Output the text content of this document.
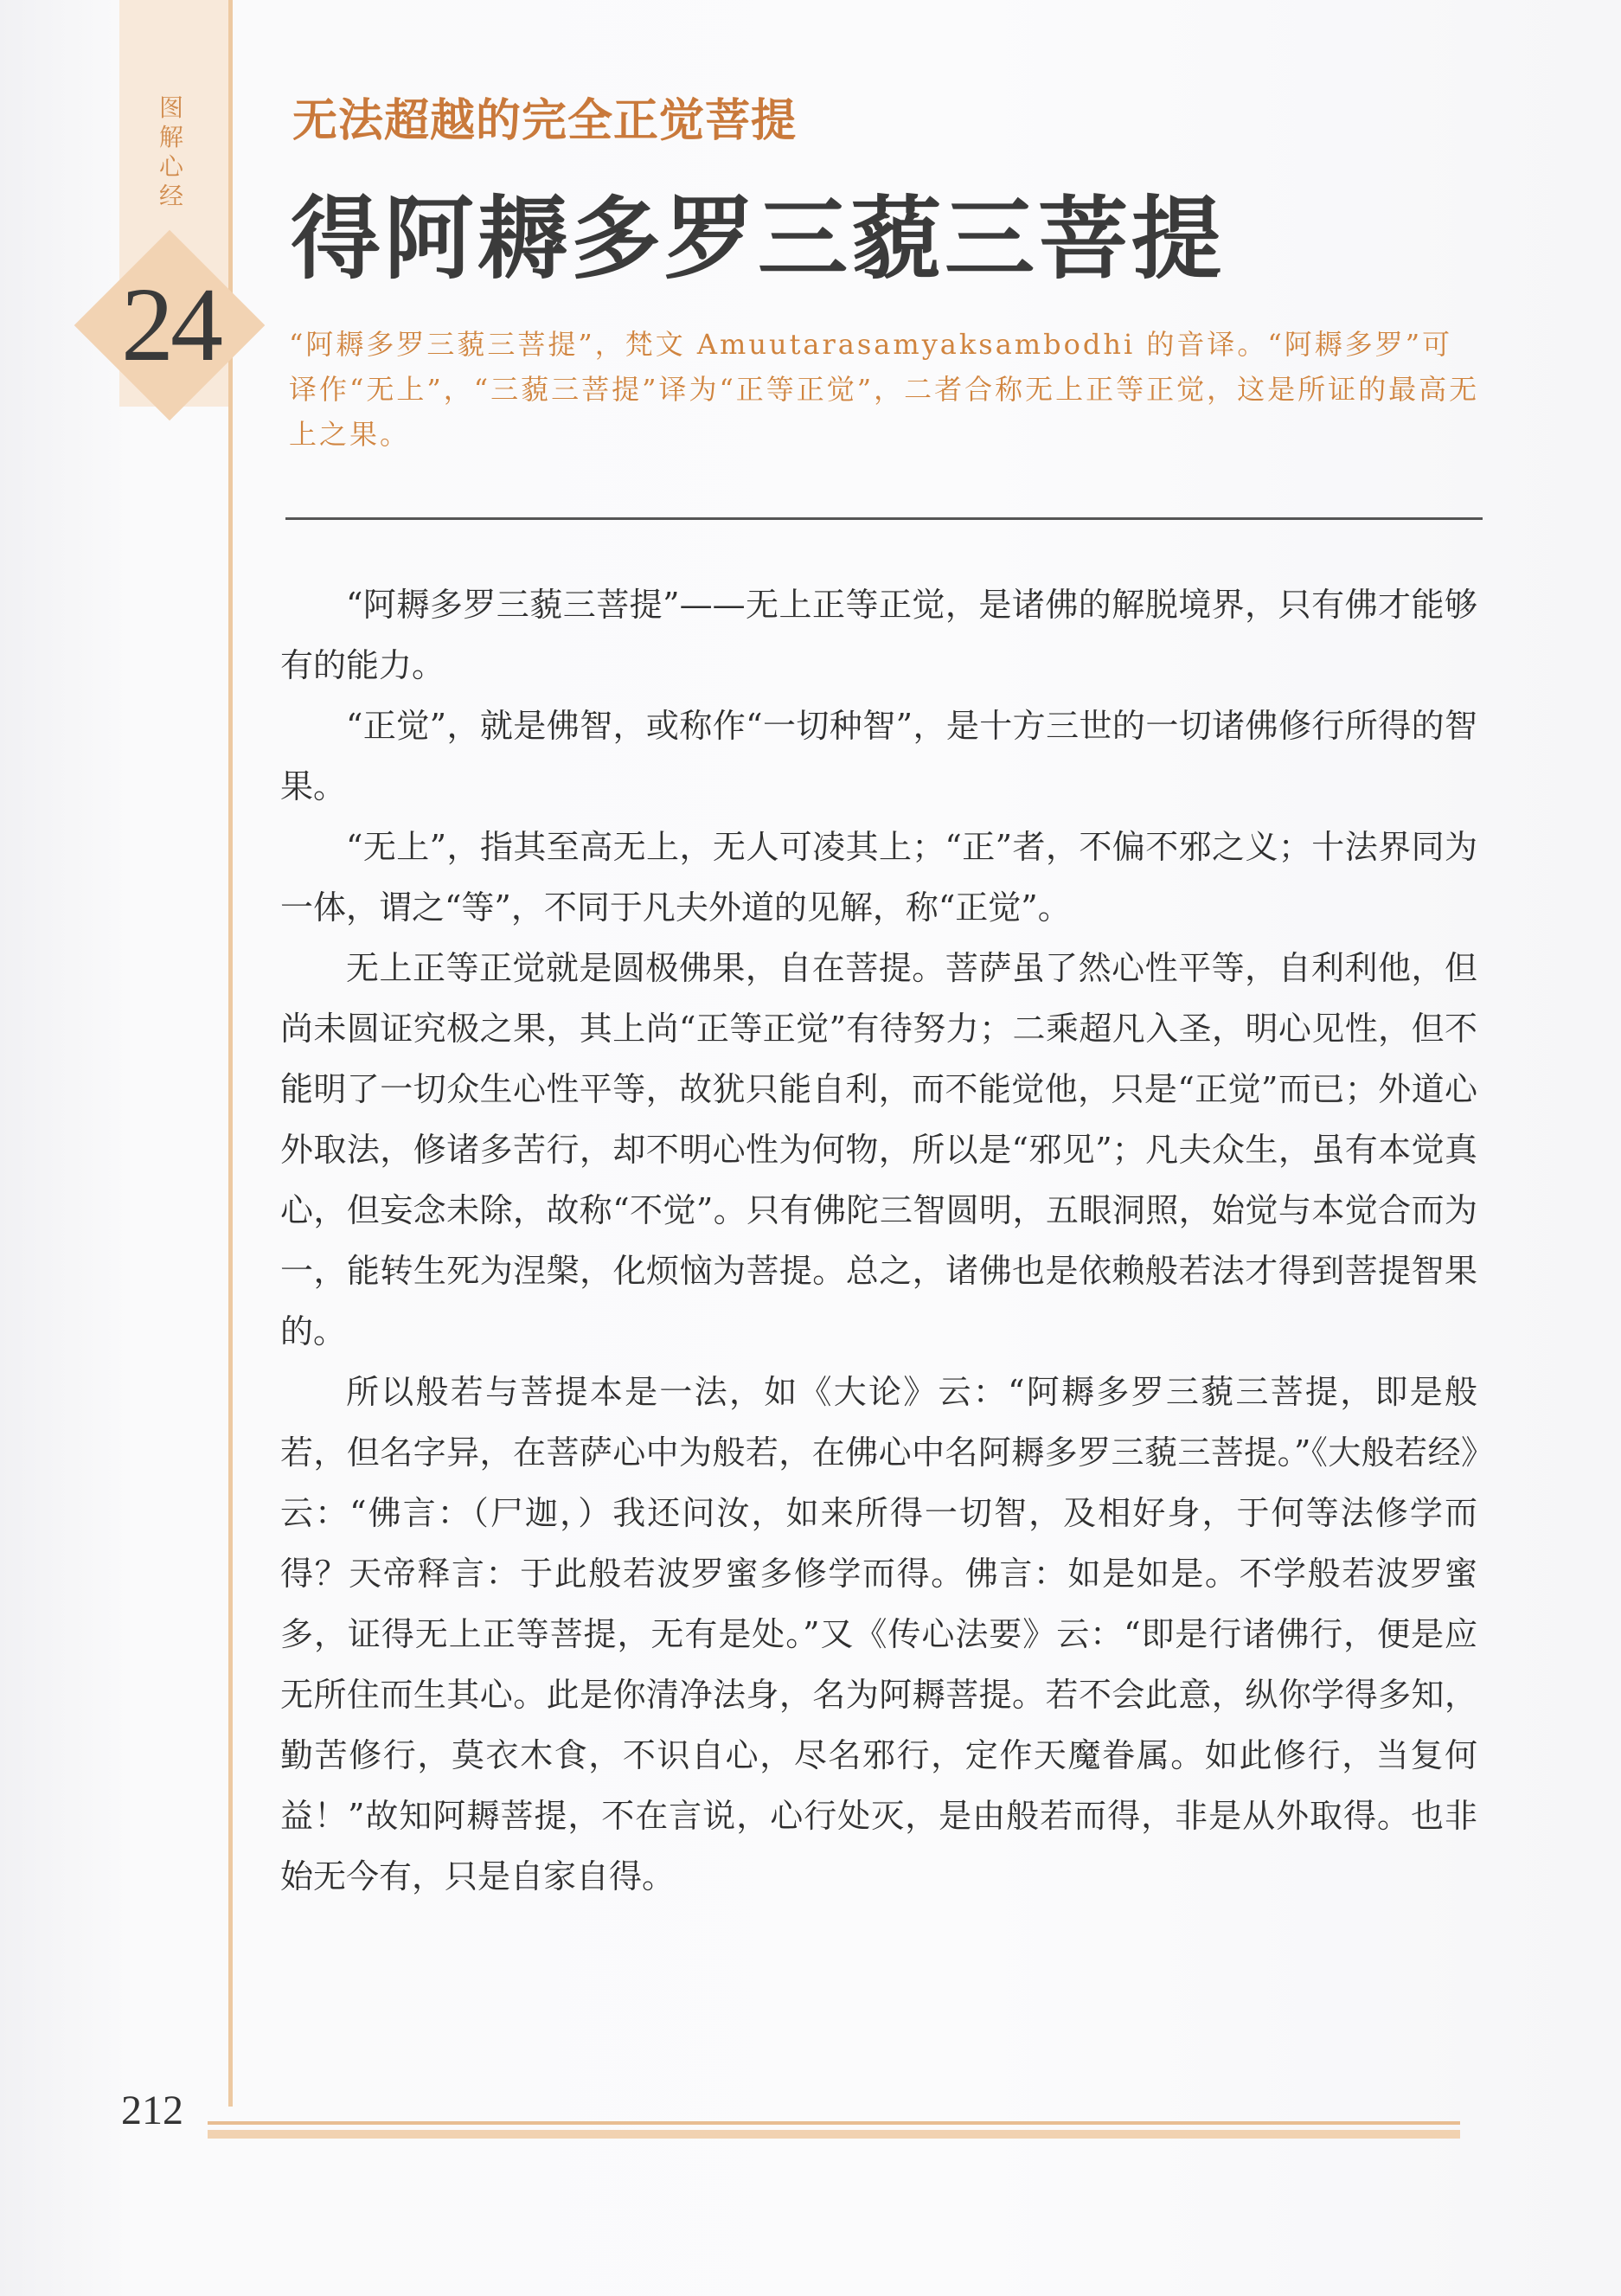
图解心经
24
无法超越的完全正觉菩提
得阿耨多罗三藐三菩提
“阿耨多罗三藐三菩提”，梵文 Amuutarasamyaksambodhi 的音译。“阿耨多罗”可译作“无上”，“三藐三菩提”译为“正等正觉”，二者合称无上正等正觉，这是所证的最高无上之果。

“阿耨多罗三藐三菩提”——无上正等正觉，是诸佛的解脱境界，只有佛才能够有的能力。

“正觉”，就是佛智，或称作“一切种智”，是十方三世的一切诸佛修行所得的智果。

“无上”，指其至高无上，无人可凌其上；“正”者，不偏不邪之义；十法界同为一体，谓之“等”，不同于凡夫外道的见解，称“正觉”。

无上正等正觉就是圆极佛果，自在菩提。菩萨虽了然心性平等，自利利他，但尚未圆证究极之果，其上尚“正等正觉”有待努力；二乘超凡入圣，明心见性，但不能明了一切众生心性平等，故犹只能自利，而不能觉他，只是“正觉”而已；外道心外取法，修诸多苦行，却不明心性为何物，所以是“邪见”；凡夫众生，虽有本觉真心，但妄念未除，故称“不觉”。只有佛陀三智圆明，五眼洞照，始觉与本觉合而为一，能转生死为涅槃，化烦恼为菩提。总之，诸佛也是依赖般若法才得到菩提智果的。

所以般若与菩提本是一法，如《大论》云：“阿耨多罗三藐三菩提，即是般若，但名字异，在菩萨心中为般若，在佛心中名阿耨多罗三藐三菩提。”《大般若经》云：“佛言：（尸迦，）我还问汝，如来所得一切智，及相好身，于何等法修学而得？天帝释言：于此般若波罗蜜多修学而得。佛言：如是如是。不学般若波罗蜜多，证得无上正等菩提，无有是处。”又《传心法要》云：“即是行诸佛行，便是应无所住而生其心。此是你清净法身，名为阿耨菩提。若不会此意，纵你学得多知，勤苦修行，莫衣木食，不识自心，尽名邪行，定作天魔眷属。如此修行，当复何益！”故知阿耨菩提，不在言说，心行处灭，是由般若而得，非是从外取得。也非始无今有，只是自家自得。

212
